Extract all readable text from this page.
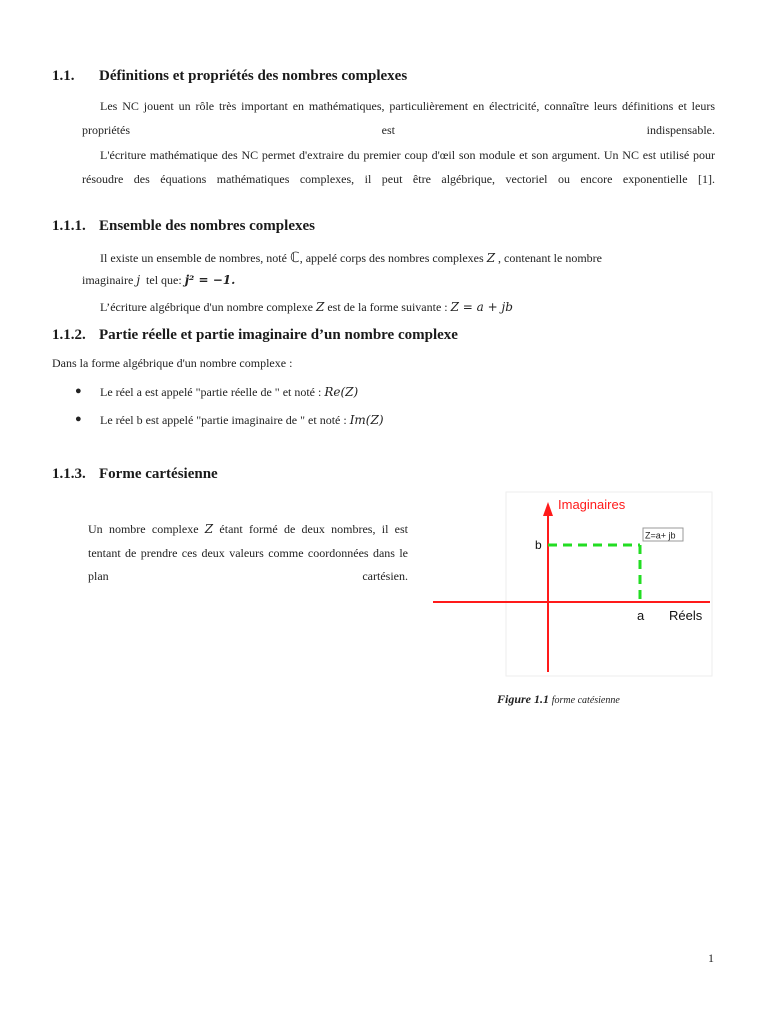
1.1. Définitions et propriétés des nombres complexes
Les NC jouent un rôle très important en mathématiques, particulièrement en électricité, connaître leurs définitions et leurs propriétés est indispensable.
L'écriture mathématique des NC permet d'extraire du premier coup d'œil son module et son argument. Un NC est utilisé pour résoudre des équations mathématiques complexes, il peut être algébrique, vectoriel ou encore exponentielle [1].
1.1.1. Ensemble des nombres complexes
Il existe un ensemble de nombres, noté ℂ, appelé corps des nombres complexes Z , contenant le nombre
imaginaire j tel que: j² = −1.
L’écriture algébrique d'un nombre complexe Z est de la forme suivante : Z = a + jb
1.1.2. Partie réelle et partie imaginaire d’un nombre complexe
Dans la forme algébrique d'un nombre complexe :
● Le réel a est appelé "partie réelle de " et noté : Re(Z)
● Le réel b est appelé "partie imaginaire de " et noté : Im(Z)
1.1.3. Forme cartésienne
Un nombre complexe Z étant formé de deux nombres, il est tentant de prendre ces deux valeurs comme coordonnées dans le plan cartésien.
Imaginaires
Réels
a
b
Z=a+ jb
Figure 1.1 forme catésienne
1
